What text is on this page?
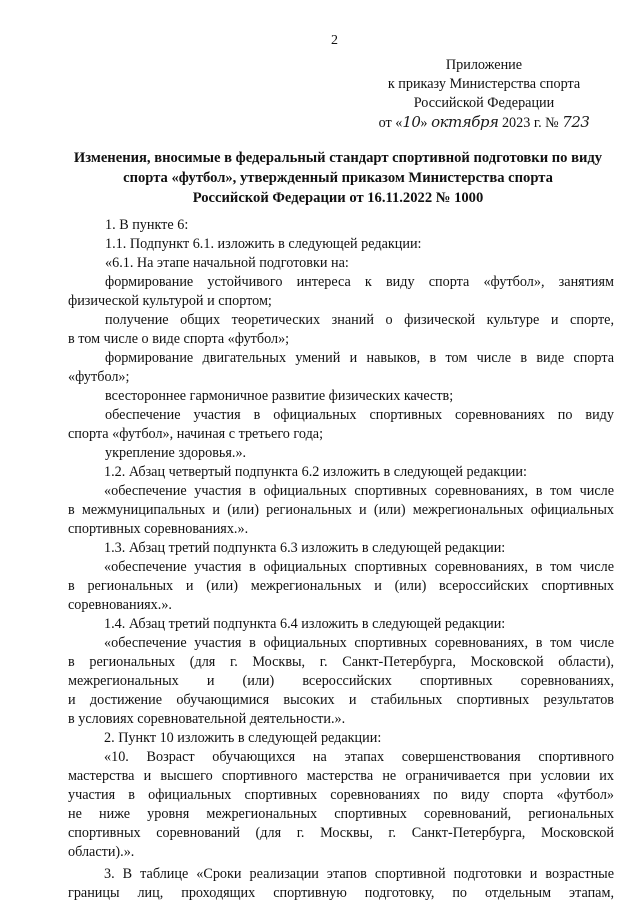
2
Приложение
к приказу Министерства спорта
Российской Федерации
от «10» октября 2023 г. № 723
Изменения, вносимые в федеральный стандарт спортивной подготовки по виду
спорта «футбол», утвержденный приказом Министерства спорта
Российской Федерации от 16.11.2022 № 1000
1. В пункте 6:
1.1. Подпункт 6.1. изложить в следующей редакции:
«6.1. На этапе начальной подготовки на:
формирование устойчивого интереса к виду спорта «футбол», занятиям
физической культурой и спортом;
получение общих теоретических знаний о физической культуре и спорте,
в том числе о виде спорта «футбол»;
формирование двигательных умений и навыков, в том числе в виде спорта
«футбол»;
всестороннее гармоничное развитие физических качеств;
обеспечение участия в официальных спортивных соревнованиях по виду
спорта «футбол», начиная с третьего года;
укрепление здоровья.».
1.2. Абзац четвертый подпункта 6.2 изложить в следующей редакции:
«обеспечение участия в официальных спортивных соревнованиях, в том числе
в межмуниципальных и (или) региональных и (или) межрегиональных официальных
спортивных соревнованиях.».
1.3. Абзац третий подпункта 6.3 изложить в следующей редакции:
«обеспечение участия в официальных спортивных соревнованиях, в том числе
в региональных и (или) межрегиональных и (или) всероссийских спортивных
соревнованиях.».
1.4. Абзац третий подпункта 6.4 изложить в следующей редакции:
«обеспечение участия в официальных спортивных соревнованиях, в том числе
в региональных (для г. Москвы, г. Санкт-Петербурга, Московской области),
межрегиональных и (или) всероссийских спортивных соревнованиях,
и достижение обучающимися высоких и стабильных спортивных результатов
в условиях соревновательной деятельности.».
2. Пункт 10 изложить в следующей редакции:
«10. Возраст обучающихся на этапах совершенствования спортивного
мастерства и высшего спортивного мастерства не ограничивается при условии их
участия в официальных спортивных соревнованиях по виду спорта «футбол»
не ниже уровня межрегиональных спортивных соревнований, региональных
спортивных соревнований (для г. Москвы, г. Санкт-Петербурга, Московской
области).».
3. В таблице «Сроки реализации этапов спортивной подготовки и возрастные
границы лиц, проходящих спортивную подготовку, по отдельным этапам,
